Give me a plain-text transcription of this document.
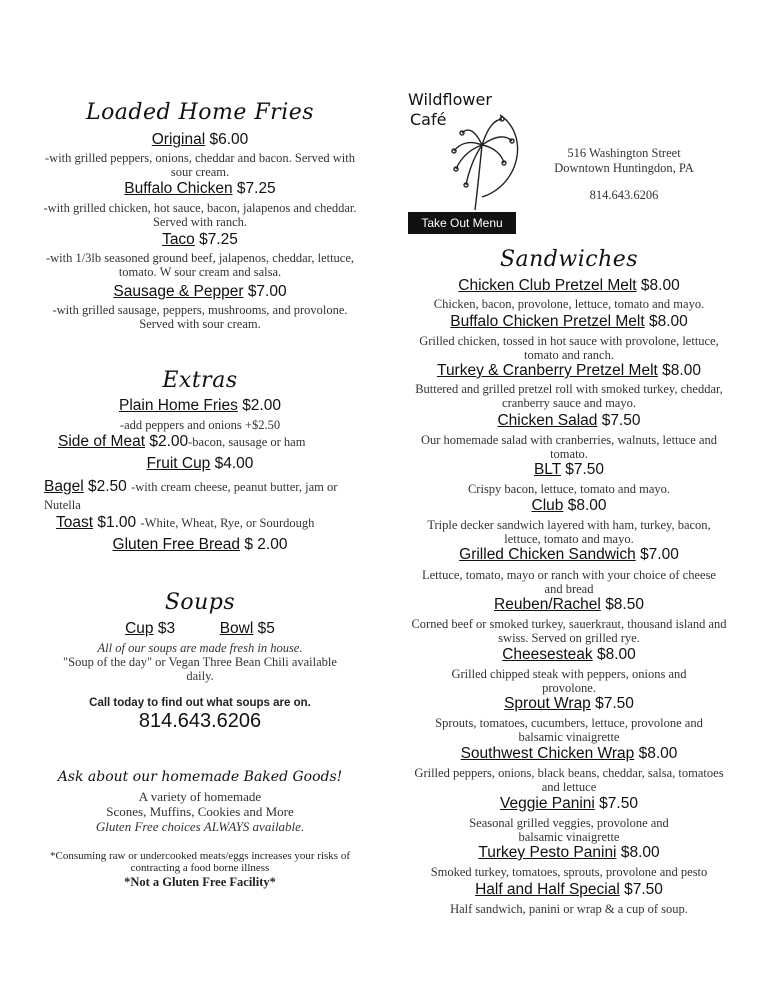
Loaded Home Fries
Original $6.00
-with grilled peppers, onions, cheddar and bacon. Served with sour cream.
Buffalo Chicken $7.25
-with grilled chicken, hot sauce, bacon, jalapenos and cheddar. Served with ranch.
Taco $7.25
-with 1/3lb seasoned ground beef, jalapenos, cheddar, lettuce, tomato. W sour cream and salsa.
Sausage & Pepper $7.00
-with grilled sausage, peppers, mushrooms, and provolone. Served with sour cream.
Extras
Plain Home Fries $2.00
-add peppers and onions +$2.50
Side of Meat $2.00-bacon, sausage or ham
Fruit Cup $4.00
Bagel $2.50 -with cream cheese, peanut butter, jam or Nutella
Toast $1.00 -White, Wheat, Rye, or Sourdough
Gluten Free Bread $ 2.00
Soups
Cup $3	Bowl $5
All of our soups are made fresh in house.
"Soup of the day" or Vegan Three Bean Chili available daily.
Call today to find out what soups are on.
814.643.6206
Ask about our homemade Baked Goods!
A variety of homemade
Scones, Muffins, Cookies and More
Gluten Free choices ALWAYS available.
*Consuming raw or undercooked meats/eggs increases your risks of contracting a food borne illness
*Not a Gluten Free Facility*
Wildflower
Café
Take Out Menu
516 Washington Street
Downtown Huntingdon, PA
814.643.6206
Sandwiches
Chicken Club Pretzel Melt $8.00
Chicken, bacon, provolone, lettuce, tomato and mayo.
Buffalo Chicken Pretzel Melt $8.00
Grilled chicken, tossed in hot sauce with provolone, lettuce, tomato and ranch.
Turkey & Cranberry Pretzel Melt $8.00
Buttered and grilled pretzel roll with smoked turkey, cheddar, cranberry sauce and mayo.
Chicken Salad $7.50
Our homemade salad with cranberries, walnuts, lettuce and tomato.
BLT $7.50
Crispy bacon, lettuce, tomato and mayo.
Club $8.00
Triple decker sandwich layered with ham, turkey, bacon, lettuce, tomato and mayo.
Grilled Chicken Sandwich $7.00
Lettuce, tomato, mayo or ranch with your choice of cheese and bread
Reuben/Rachel $8.50
Corned beef or smoked turkey, sauerkraut, thousand island and swiss. Served on grilled rye.
Cheesesteak $8.00
Grilled chipped steak with peppers, onions and provolone.
Sprout Wrap $7.50
Sprouts, tomatoes, cucumbers, lettuce, provolone and balsamic vinaigrette
Southwest Chicken Wrap $8.00
Grilled peppers, onions, black beans, cheddar, salsa, tomatoes and lettuce
Veggie Panini $7.50
Seasonal grilled veggies, provolone and balsamic vinaigrette
Turkey Pesto Panini $8.00
Smoked turkey, tomatoes, sprouts, provolone and pesto
Half and Half Special $7.50
Half sandwich, panini or wrap & a cup of soup.
